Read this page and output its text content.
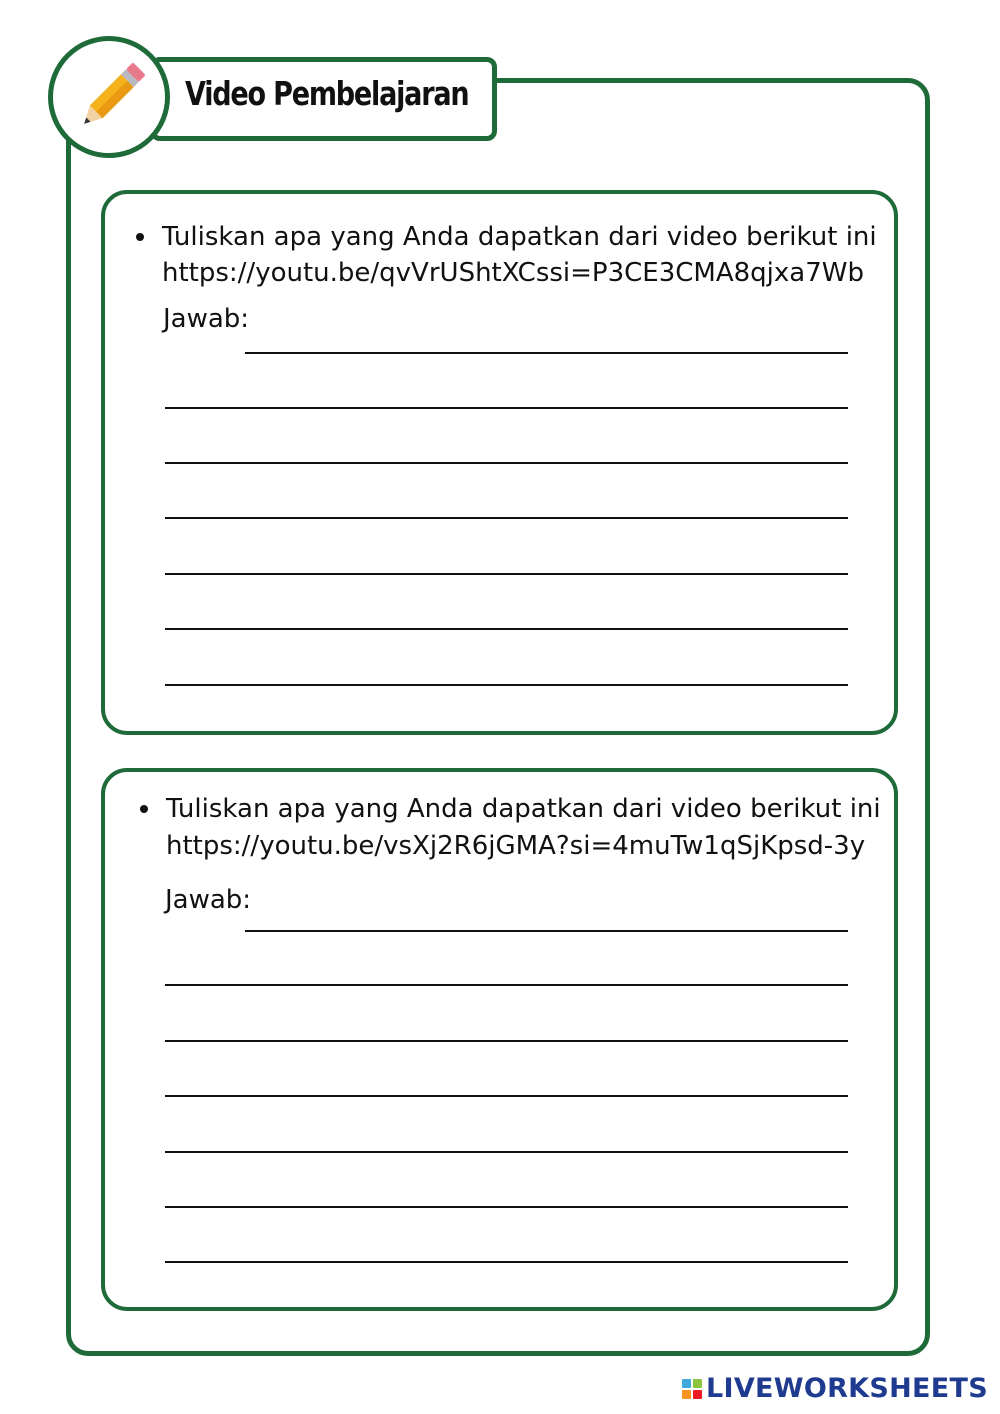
Video Pembelajaran
Tuliskan apa yang Anda dapatkan dari video berikut ini
https://youtu.be/qvVrUShtXCssi=P3CE3CMA8qjxa7Wb
Jawab:
Tuliskan apa yang Anda dapatkan dari video berikut ini
https://youtu.be/vsXj2R6jGMA?si=4muTw1qSjKpsd-3y
Jawab:
LIVEWORKSHEETS
